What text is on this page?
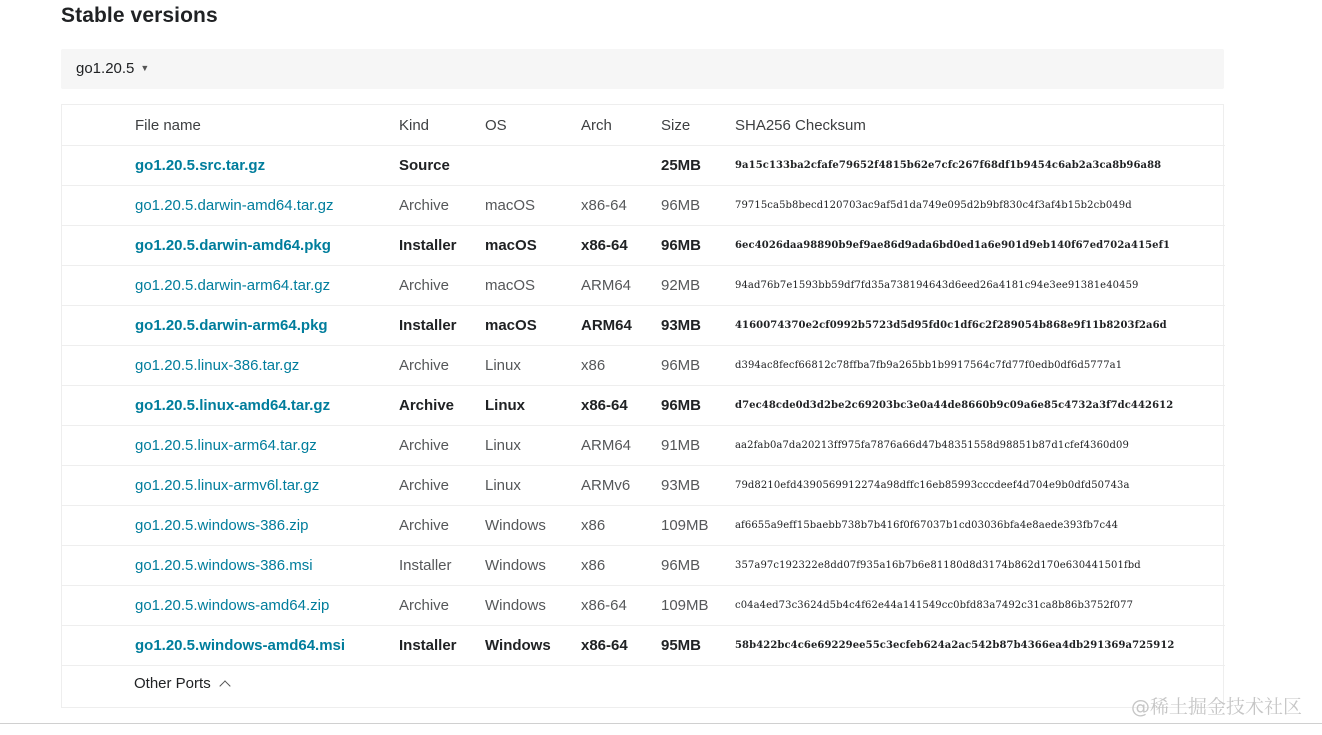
Stable versions
go1.20.5 ▼
File name	Kind	OS	Arch	Size	SHA256 Checksum
go1.20.5.src.tar.gz	Source			25MB	9a15c133ba2cfafe79652f4815b62e7cfc267f68df1b9454c6ab2a3ca8b96a88
go1.20.5.darwin-amd64.tar.gz	Archive	macOS	x86-64	96MB	79715ca5b8becd120703ac9af5d1da749e095d2b9bf830c4f3af4b15b2cb049d
go1.20.5.darwin-amd64.pkg	Installer	macOS	x86-64	96MB	6ec4026daa98890b9ef9ae86d9ada6bd0ed1a6e901d9eb140f67ed702a415ef1
go1.20.5.darwin-arm64.tar.gz	Archive	macOS	ARM64	92MB	94ad76b7e1593bb59df7fd35a738194643d6eed26a4181c94e3ee91381e40459
go1.20.5.darwin-arm64.pkg	Installer	macOS	ARM64	93MB	4160074370e2cf0992b5723d5d95fd0c1df6c2f289054b868e9f11b8203f2a6d
go1.20.5.linux-386.tar.gz	Archive	Linux	x86	96MB	d394ac8fecf66812c78ffba7fb9a265bb1b9917564c7fd77f0edb0df6d5777a1
go1.20.5.linux-amd64.tar.gz	Archive	Linux	x86-64	96MB	d7ec48cde0d3d2be2c69203bc3e0a44de8660b9c09a6e85c4732a3f7dc442612
go1.20.5.linux-arm64.tar.gz	Archive	Linux	ARM64	91MB	aa2fab0a7da20213ff975fa7876a66d47b48351558d98851b87d1cfef4360d09
go1.20.5.linux-armv6l.tar.gz	Archive	Linux	ARMv6	93MB	79d8210efd4390569912274a98dffc16eb85993cccdeef4d704e9b0dfd50743a
go1.20.5.windows-386.zip	Archive	Windows	x86	109MB	af6655a9eff15baebb738b7b416f0f67037b1cd03036bfa4e8aede393fb7c44
go1.20.5.windows-386.msi	Installer	Windows	x86	96MB	357a97c192322e8dd07f935a16b7b6e81180d8d3174b862d170e630441501fbd
go1.20.5.windows-amd64.zip	Archive	Windows	x86-64	109MB	c04a4ed73c3624d5b4c4f62e44a141549cc0bfd83a7492c31ca8b86b3752f077
go1.20.5.windows-amd64.msi	Installer	Windows	x86-64	95MB	58b422bc4c6e69229ee55c3ecfeb624a2ac542b87b4366ea4db291369a725912
Other Ports
@稀土掘金技术社区
